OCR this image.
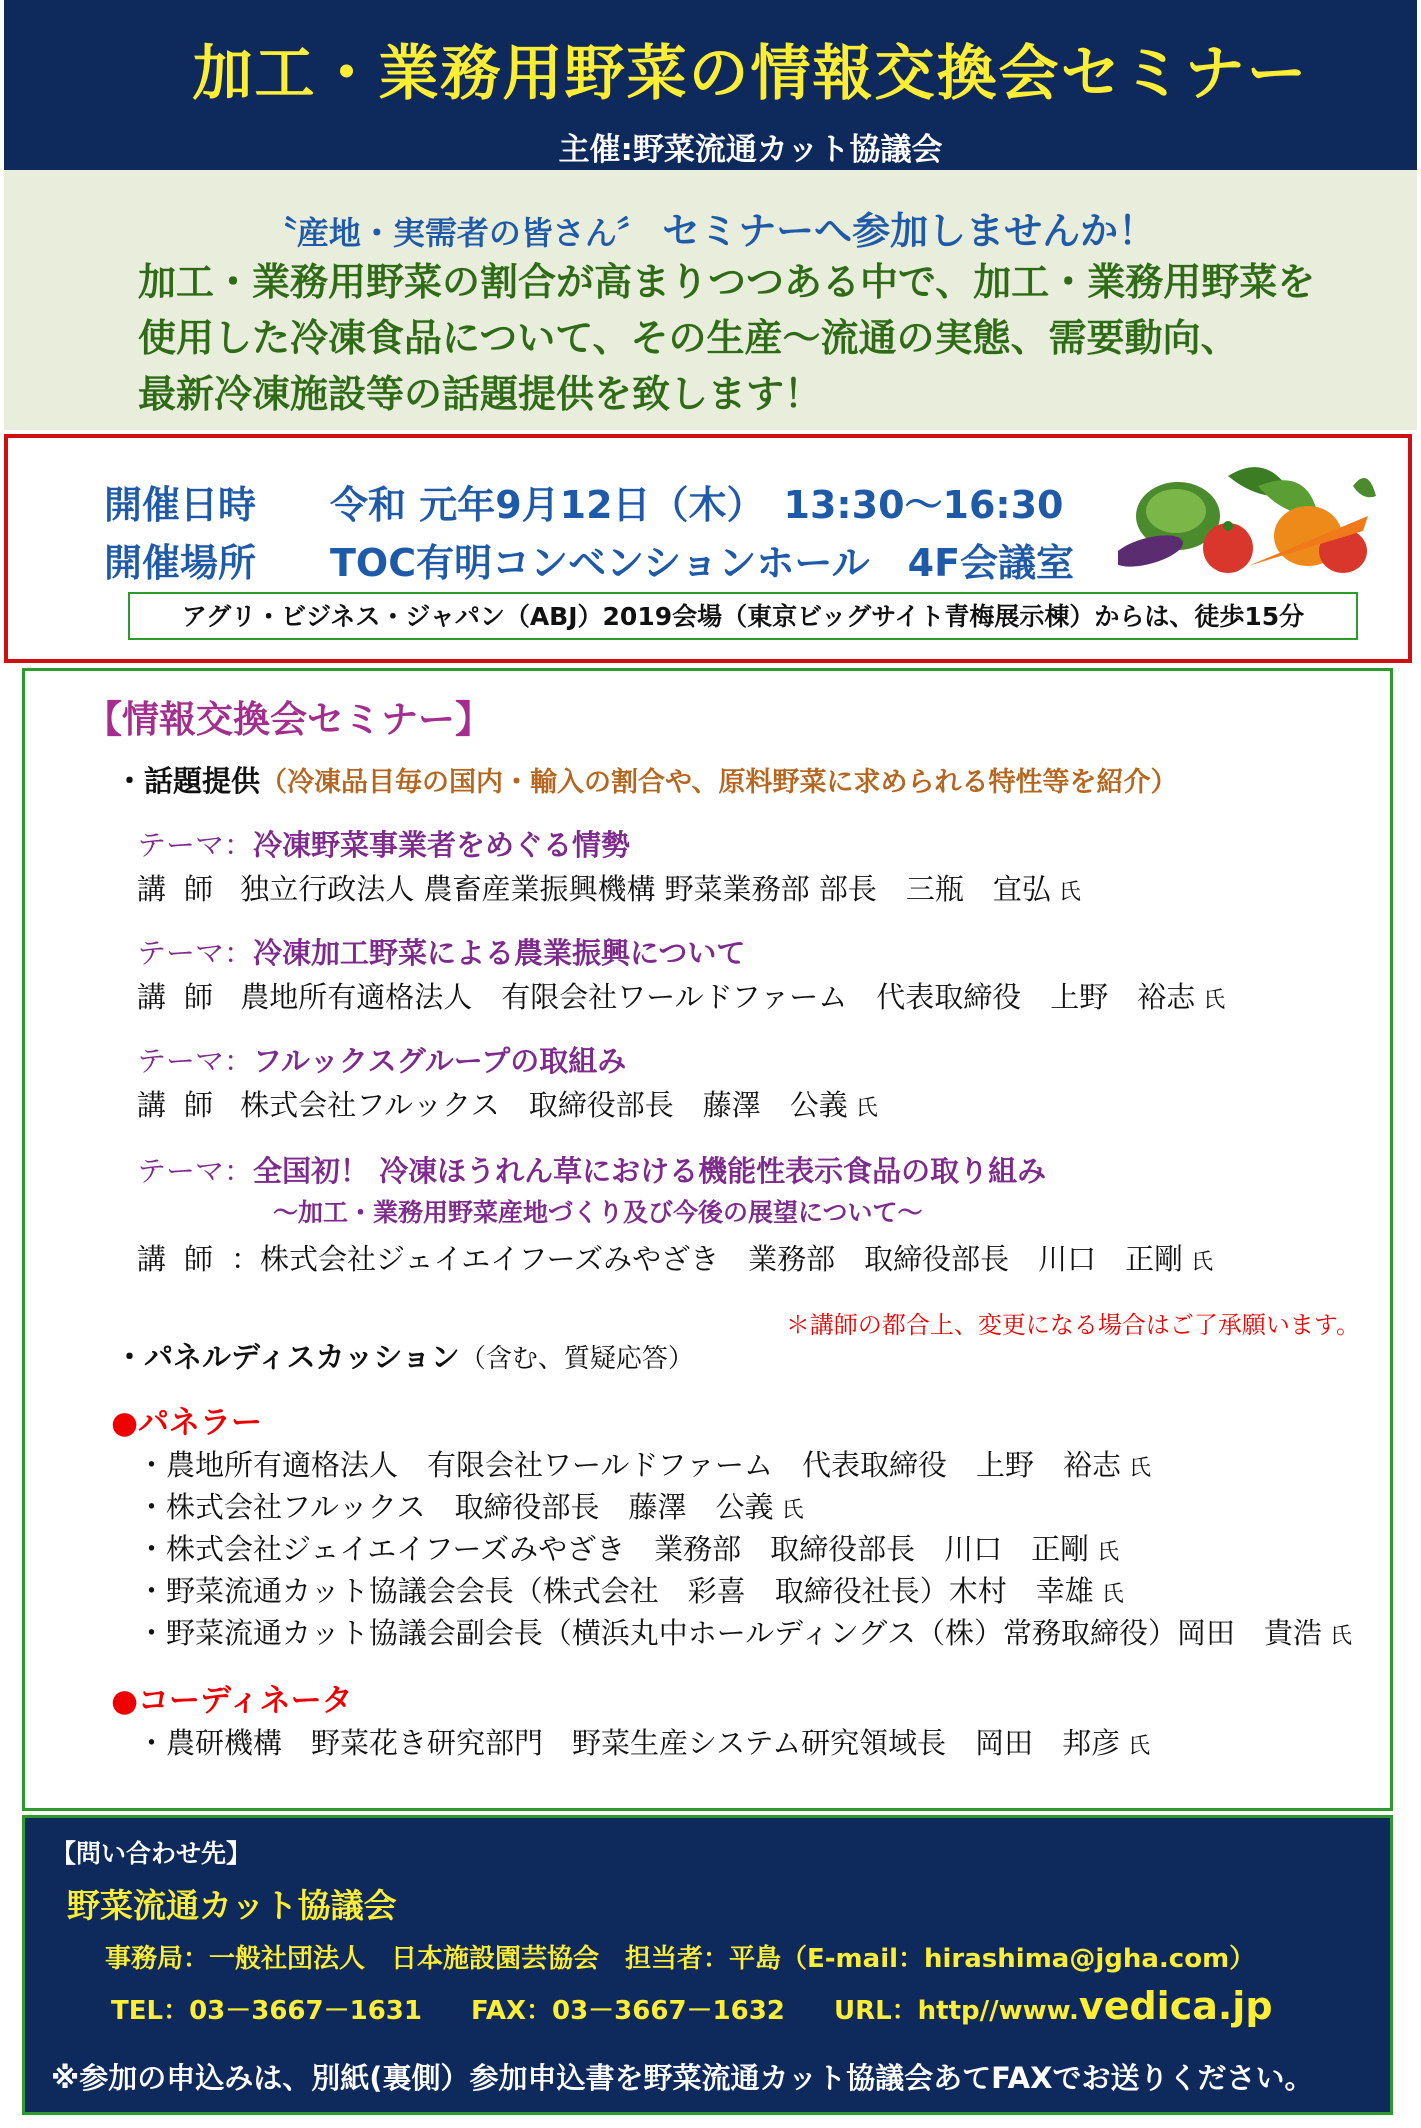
加工・業務用野菜の情報交換会セミナー
主催:野菜流通カット協議会
〝産地・実需者の皆さん〞 セミナーへ参加しませんか！
加工・業務用野菜の割合が高まりつつある中で、加工・業務用野菜を
使用した冷凍食品について、その生産～流通の実態、需要動向、
最新冷凍施設等の話題提供を致します！
開催日時 令和 元年9月12日（木）　13:30～16:30
開催場所 TOC有明コンベンションホール　4F会議室
アグリ・ビジネス・ジャパン（ABJ）2019会場（東京ビッグサイト青梅展示棟）からは、徒歩15分
【情報交換会セミナー】
・話題提供（冷凍品目毎の国内・輸入の割合や、原料野菜に求められる特性等を紹介）
テーマ：冷凍野菜事業者をめぐる情勢
講師 独立行政法人 農畜産業振興機構 野菜業務部 部長　三瓶　宜弘 氏
テーマ：冷凍加工野菜による農業振興について
講師 農地所有適格法人　有限会社ワールドファーム　代表取締役　上野　裕志 氏
テーマ：フルックスグループの取組み
講師 株式会社フルックス　取締役部長　藤澤　公義 氏
テーマ：全国初！ 冷凍ほうれん草における機能性表示食品の取り組み
～加工・業務用野菜産地づくり及び今後の展望について～
講師：株式会社ジェイエイフーズみやざき　業務部　取締役部長　川口　正剛 氏
＊講師の都合上、変更になる場合はご了承願います。
・パネルディスカッション（含む、質疑応答）
●パネラー
・農地所有適格法人　有限会社ワールドファーム　代表取締役　上野　裕志 氏
・株式会社フルックス　取締役部長　藤澤　公義 氏
・株式会社ジェイエイフーズみやざき　業務部　取締役部長　川口　正剛 氏
・野菜流通カット協議会会長（株式会社　彩喜　取締役社長）木村　幸雄 氏
・野菜流通カット協議会副会長（横浜丸中ホールディングス（株）常務取締役）岡田　貴浩 氏
●コーディネータ
・農研機構　野菜花き研究部門　野菜生産システム研究領域長　岡田　邦彦 氏
【問い合わせ先】
野菜流通カット協議会
事務局：一般社団法人　日本施設園芸協会　担当者：平島（E-mail：hirashima@jgha.com）
TEL：03－3667－1631 FAX：03－3667－1632 URL：http//www.vedica.jp
※参加の申込みは、別紙(裏側）参加申込書を野菜流通カット協議会あてFAXでお送りください。
